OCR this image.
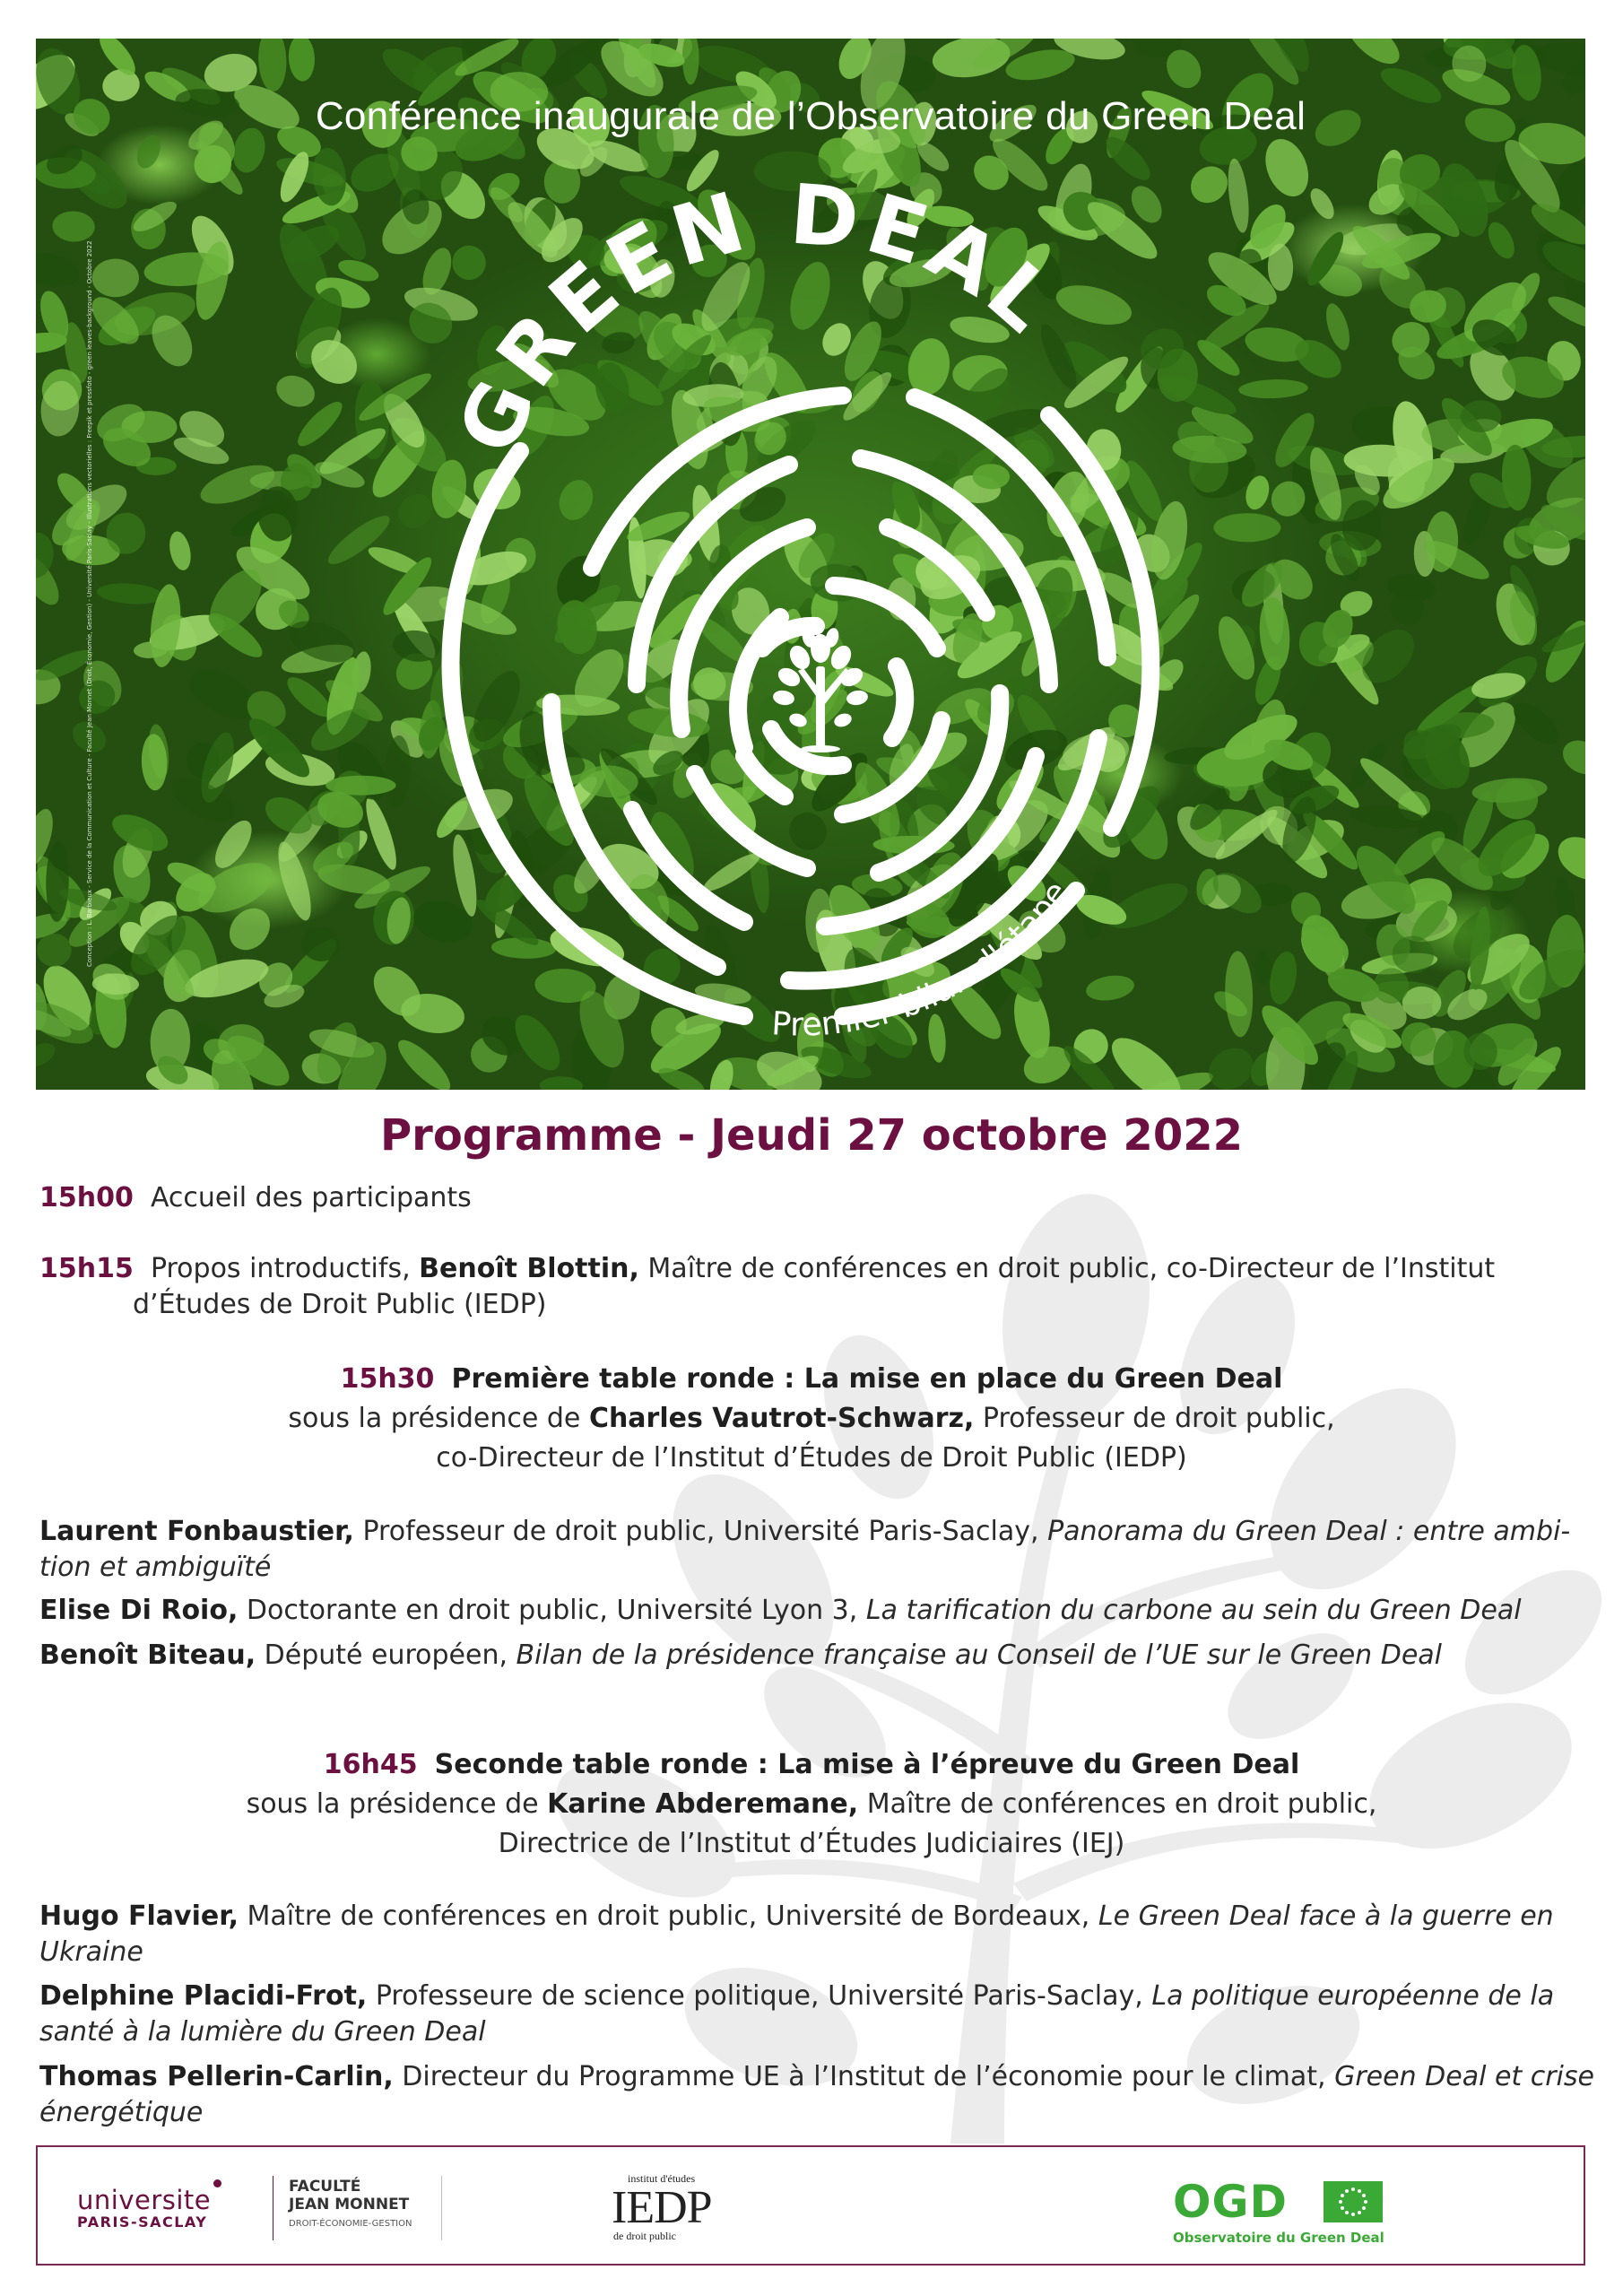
Conférence inaugurale de l’Observatoire du Green Deal
Conception : L. Barbieux - Service de la Communication et Culture - Faculté Jean Monnet (Droit, Économie, Gestion) - Université Paris-Saclay - Illustrations vectorielles : Freepik et pressfoto - green leaves-background - Octobre 2022	GREEN DEAL
Premier bilan d'étape
Programme - Jeudi 27 octobre 2022
15h00 Accueil des participants
15h15 Propos introductifs, Benoît Blottin, Maître de conférences en droit public, co-Directeur de l’Institut
d’Études de Droit Public (IEDP)
15h30 Première table ronde : La mise en place du Green Deal
sous la présidence de Charles Vautrot-Schwarz, Professeur de droit public,
co-Directeur de l’Institut d’Études de Droit Public (IEDP)
Laurent Fonbaustier, Professeur de droit public, Université Paris-Saclay, Panorama du Green Deal : entre ambi-
tion et ambiguïté
Elise Di Roio, Doctorante en droit public, Université Lyon 3, La tarification du carbone au sein du Green Deal
Benoît Biteau, Député européen, Bilan de la présidence française au Conseil de l’UE sur le Green Deal
16h45 Seconde table ronde : La mise à l’épreuve du Green Deal
sous la présidence de Karine Abderemane, Maître de conférences en droit public,
Directrice de l’Institut d’Études Judiciaires (IEJ)
Hugo Flavier, Maître de conférences en droit public, Université de Bordeaux, Le Green Deal face à la guerre en
Ukraine
Delphine Placidi-Frot, Professeure de science politique, Université Paris-Saclay, La politique européenne de la
santé à la lumière du Green Deal
Thomas Pellerin-Carlin, Directeur du Programme UE à l’Institut de l’économie pour le climat, Green Deal et crise
énergétique
universite
PARIS-SACLAY
FACULTÉ
JEAN MONNET
DROIT-ÉCONOMIE-GESTION
institut d'études
IEDP
de droit public
OGD
Observatoire du Green Deal
